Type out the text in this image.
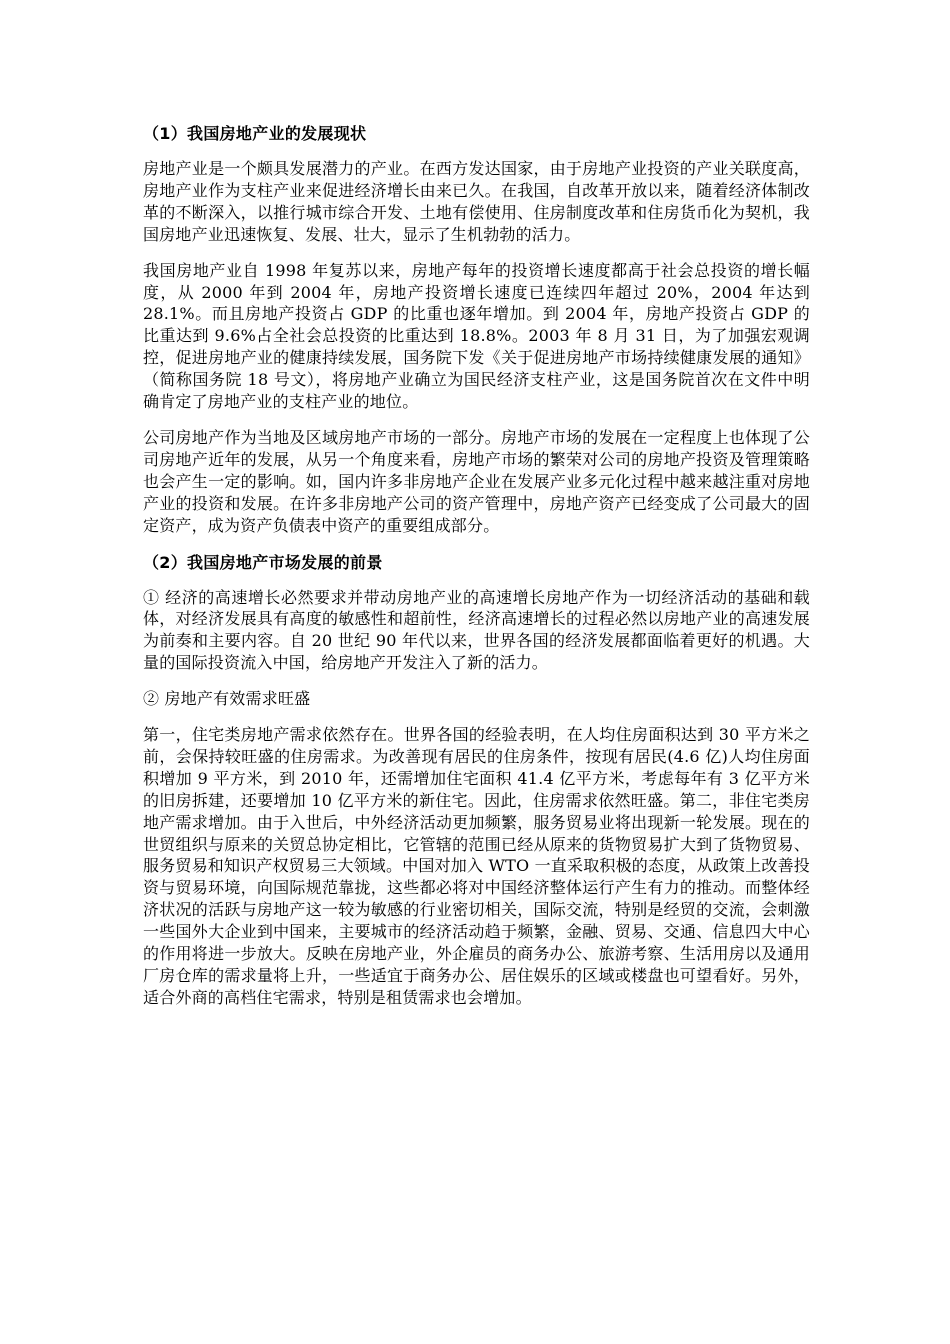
（1）我国房地产业的发展现状

房地产业是一个颇具发展潜力的产业。在西方发达国家，由于房地产业投资的产业关联度高，房地产业作为支柱产业来促进经济增长由来已久。在我国，自改革开放以来，随着经济体制改革的不断深入，以推行城市综合开发、土地有偿使用、住房制度改革和住房货币化为契机，我国房地产业迅速恢复、发展、壮大，显示了生机勃勃的活力。

我国房地产业自 1998 年复苏以来，房地产每年的投资增长速度都高于社会总投资的增长幅度，从 2000 年到 2004 年，房地产投资增长速度已连续四年超过 20%，2004 年达到 28.1%。而且房地产投资占 GDP 的比重也逐年增加。到 2004 年，房地产投资占 GDP 的比重达到 9.6%占全社会总投资的比重达到 18.8%。2003 年 8 月 31 日，为了加强宏观调控，促进房地产业的健康持续发展，国务院下发《关于促进房地产市场持续健康发展的通知》（简称国务院 18 号文），将房地产业确立为国民经济支柱产业，这是国务院首次在文件中明确肯定了房地产业的支柱产业的地位。

公司房地产作为当地及区域房地产市场的一部分。房地产市场的发展在一定程度上也体现了公司房地产近年的发展，从另一个角度来看，房地产市场的繁荣对公司的房地产投资及管理策略也会产生一定的影响。如，国内许多非房地产企业在发展产业多元化过程中越来越注重对房地产业的投资和发展。在许多非房地产公司的资产管理中，房地产资产已经变成了公司最大的固定资产，成为资产负债表中资产的重要组成部分。

（2）我国房地产市场发展的前景

① 经济的高速增长必然要求并带动房地产业的高速增长房地产作为一切经济活动的基础和载体，对经济发展具有高度的敏感性和超前性，经济高速增长的过程必然以房地产业的高速发展为前奏和主要内容。自 20 世纪 90 年代以来，世界各国的经济发展都面临着更好的机遇。大量的国际投资流入中国，给房地产开发注入了新的活力。

② 房地产有效需求旺盛

第一，住宅类房地产需求依然存在。世界各国的经验表明，在人均住房面积达到 30 平方米之前，会保持较旺盛的住房需求。为改善现有居民的住房条件，按现有居民(4.6 亿)人均住房面积增加 9 平方米，到 2010 年，还需增加住宅面积 41.4 亿平方米，考虑每年有 3 亿平方米的旧房拆建，还要增加 10 亿平方米的新住宅。因此，住房需求依然旺盛。第二，非住宅类房地产需求增加。由于入世后，中外经济活动更加频繁，服务贸易业将出现新一轮发展。现在的世贸组织与原来的关贸总协定相比，它管辖的范围已经从原来的货物贸易扩大到了货物贸易、服务贸易和知识产权贸易三大领域。中国对加入 WTO 一直采取积极的态度，从政策上改善投资与贸易环境，向国际规范靠拢，这些都必将对中国经济整体运行产生有力的推动。而整体经济状况的活跃与房地产这一较为敏感的行业密切相关，国际交流，特别是经贸的交流，会刺激一些国外大企业到中国来，主要城市的经济活动趋于频繁，金融、贸易、交通、信息四大中心的作用将进一步放大。反映在房地产业，外企雇员的商务办公、旅游考察、生活用房以及通用厂房仓库的需求量将上升，一些适宜于商务办公、居住娱乐的区域或楼盘也可望看好。另外，适合外商的高档住宅需求，特别是租赁需求也会增加。
